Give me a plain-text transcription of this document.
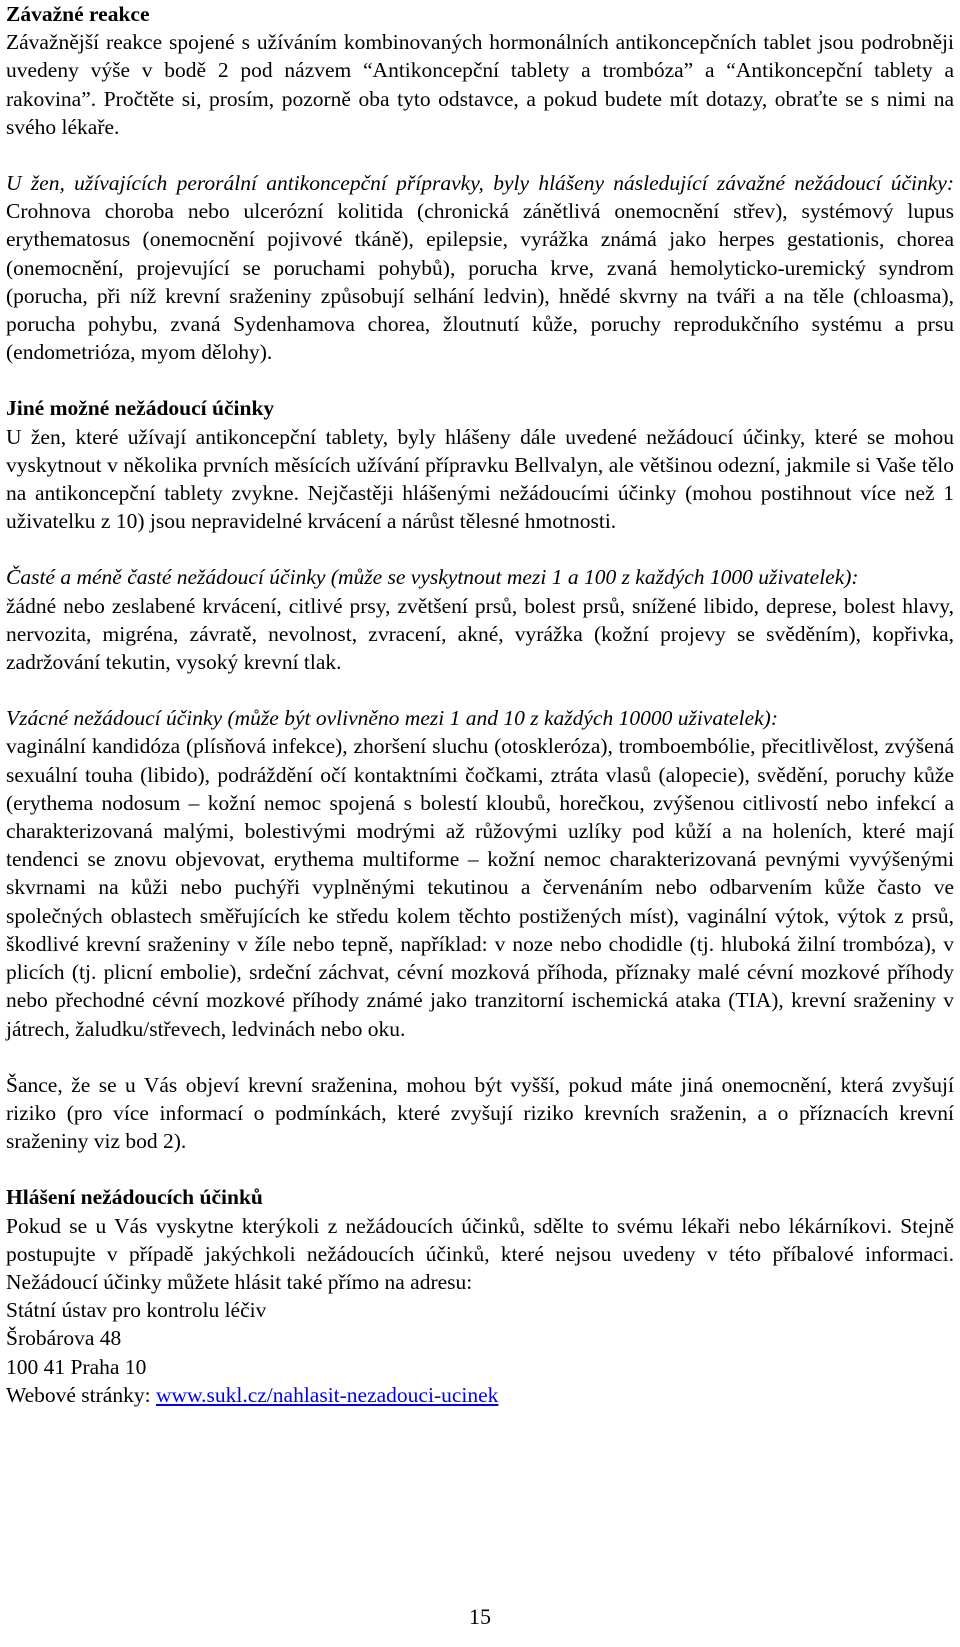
Závažné reakce

Závažnější reakce spojené s užíváním kombinovaných hormonálních antikoncepčních tablet jsou podrobněji uvedeny výše v bodě 2 pod názvem “Antikoncepční tablety a trombóza” a “Antikoncepční tablety a rakovina”. Pročtěte si, prosím, pozorně oba tyto odstavce, a pokud budete mít dotazy, obraťte se s nimi na svého lékaře.

U žen, užívajících perorální antikoncepční přípravky, byly hlášeny následující závažné nežádoucí účinky: Crohnova choroba nebo ulcerózní kolitida (chronická zánětlivá onemocnění střev), systémový lupus erythematosus (onemocnění pojivové tkáně), epilepsie, vyrážka známá jako herpes gestationis, chorea (onemocnění, projevující se poruchami pohybů), porucha krve, zvaná hemolyticko-uremický syndrom (porucha, při níž krevní sraženiny způsobují selhání ledvin), hnědé skvrny na tváři a na těle (chloasma), porucha pohybu, zvaná Sydenhamova chorea, žloutnutí kůže, poruchy reprodukčního systému a prsu (endometrióza, myom dělohy).

Jiné možné nežádoucí účinky

U žen, které užívají antikoncepční tablety, byly hlášeny dále uvedené nežádoucí účinky, které se mohou vyskytnout v několika prvních měsících užívání přípravku Bellvalyn, ale většinou odezní, jakmile si Vaše tělo na antikoncepční tablety zvykne. Nejčastěji hlášenými nežádoucími účinky (mohou postihnout více než 1 uživatelku z 10) jsou nepravidelné krvácení a nárůst tělesné hmotnosti.

Časté a méně časté nežádoucí účinky (může se vyskytnout mezi 1 a 100 z každých 1000 uživatelek):

žádné nebo zeslabené krvácení, citlivé prsy, zvětšení prsů, bolest prsů, snížené libido, deprese, bolest hlavy, nervozita, migréna, závratě, nevolnost, zvracení, akné, vyrážka (kožní projevy se svěděním), kopřivka, zadržování tekutin, vysoký krevní tlak.

Vzácné nežádoucí účinky (může být ovlivněno mezi 1 and 10 z každých 10000 uživatelek):

vaginální kandidóza (plísňová infekce), zhoršení sluchu (otoskleróza), tromboembólie, přecitlivělost, zvýšená sexuální touha (libido), podráždění očí kontaktními čočkami, ztráta vlasů (alopecie), svědění, poruchy kůže (erythema nodosum – kožní nemoc spojená s bolestí kloubů, horečkou, zvýšenou citlivostí nebo infekcí a charakterizovaná malými, bolestivými modrými až růžovými uzlíky pod kůží a na holeních, které mají tendenci se znovu objevovat, erythema multiforme – kožní nemoc charakterizovaná pevnými vyvýšenými skvrnami na kůži nebo puchýři vyplněnými tekutinou a červenáním nebo odbarvením kůže často ve společných oblastech směřujících ke středu kolem těchto postižených míst), vaginální výtok, výtok z prsů, škodlivé krevní sraženiny v žíle nebo tepně, například: v noze nebo chodidle (tj. hluboká žilní trombóza), v plicích (tj. plicní embolie), srdeční záchvat, cévní mozková příhoda, příznaky malé cévní mozkové příhody nebo přechodné cévní mozkové příhody známé jako tranzitorní ischemická ataka (TIA), krevní sraženiny v játrech, žaludku/střevech, ledvinách nebo oku.

Šance, že se u Vás objeví krevní sraženina, mohou být vyšší, pokud máte jiná onemocnění, která zvyšují riziko (pro více informací o podmínkách, které zvyšují riziko krevních sraženin, a o příznacích krevní sraženiny viz bod 2).

Hlášení nežádoucích účinků

Pokud se u Vás vyskytne kterýkoli z nežádoucích účinků, sdělte to svému lékaři nebo lékárníkovi. Stejně postupujte v případě jakýchkoli nežádoucích účinků, které nejsou uvedeny v této příbalové informaci. Nežádoucí účinky můžete hlásit také přímo na adresu:

Státní ústav pro kontrolu léčiv

Šrobárova 48

100 41 Praha 10

Webové stránky: www.sukl.cz/nahlasit-nezadouci-ucinek

15
